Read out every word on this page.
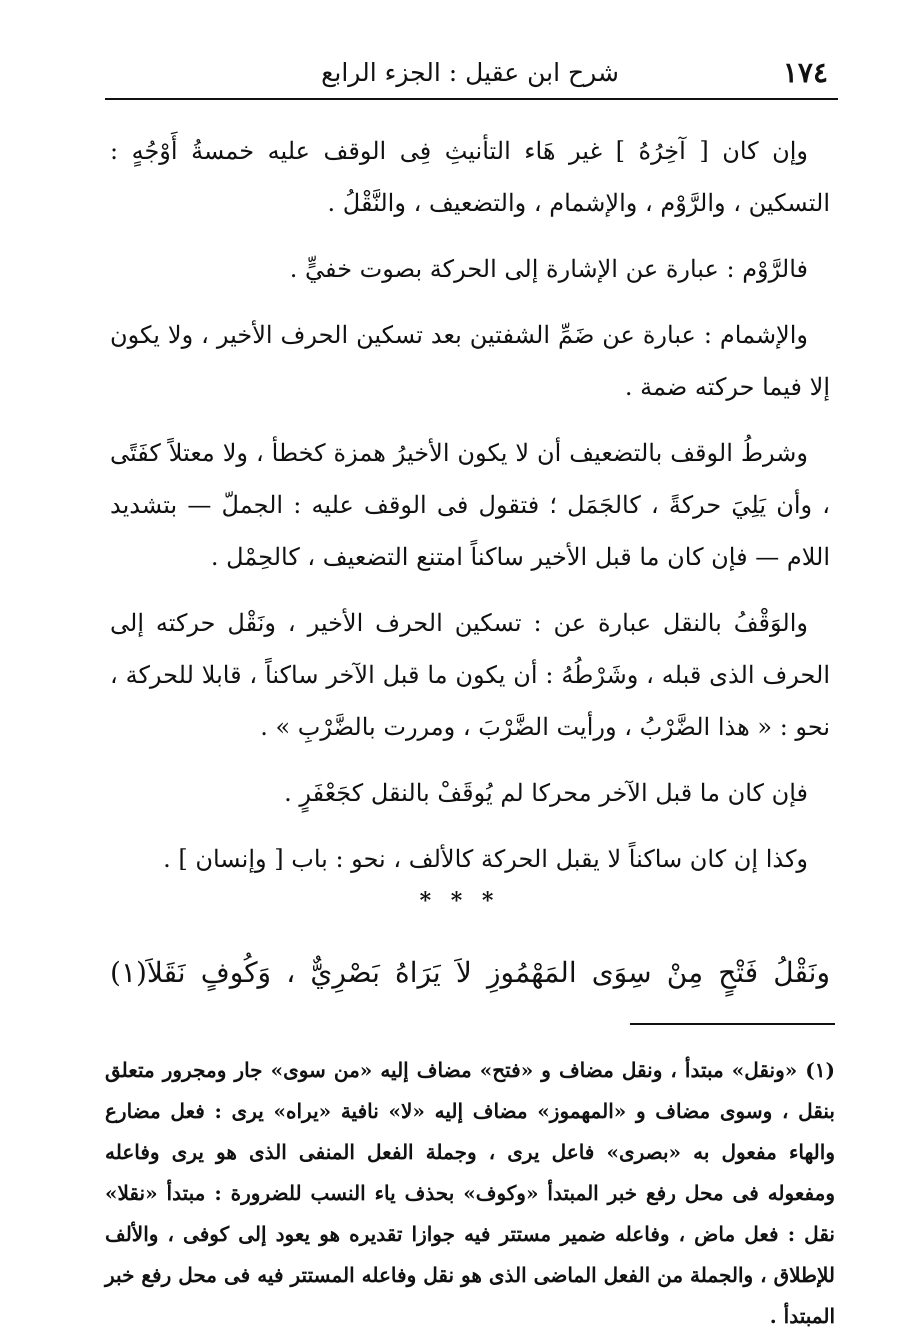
١٧٤
شرح ابن عقيل : الجزء الرابع

وإن كان [ آخِرُهُ ] غير هَاء التأنيثِ فِى الوقف عليه خمسةُ أَوْجُهٍ : التسكين ، والرَّوْم ، والإشمام ، والتضعيف ، والنَّقْلُ .

فالرَّوْم : عبارة عن الإشارة إلى الحركة بصوت خفيٍّ .

والإشمام : عبارة عن ضَمِّ الشفتين بعد تسكين الحرف الأخير ، ولا يكون إلا فيما حركته ضمة .

وشرطُ الوقف بالتضعيف أن لا يكون الأخيرُ همزة كخطأ ، ولا معتلاً كفَتًى ، وأن يَلِيَ حركةً ، كالجَمَل ؛ فتقول فى الوقف عليه : الجملّ — بتشديد اللام — فإن كان ما قبل الأخير ساكناً امتنع التضعيف ، كالحِمْل .

والوَقْفُ بالنقل عبارة عن : تسكين الحرف الأخير ، ونَقْل حركته إلى الحرف الذى قبله ، وشَرْطُهُ : أن يكون ما قبل الآخر ساكناً ، قابلا للحركة ، نحو : « هذا الضَّرْبُ ، ورأيت الضَّرْبَ ، ومررت بالضَّرْبِ » .

فإن كان ما قبل الآخر محركا لم يُوقَفْ بالنقل كجَعْفَرٍ .

وكذا إن كان ساكناً لا يقبل الحركة كالألف ، نحو : باب [ وإنسان ] .

* * *
ونَقْلُ فَتْحٍ مِنْ سِوَى المَهْمُوزِ لاَ يَرَاهُ بَصْرِيٌّ ، وَكُوفٍ نَقَلاَ(١)

(١) «ونقل» مبتدأ ، ونقل مضاف و «فتح» مضاف إليه «من سوى» جار ومجرور متعلق بنقل ، وسوى مضاف و «المهموز» مضاف إليه «لا» نافية «يراه» يرى : فعل مضارع والهاء مفعول به «بصرى» فاعل يرى ، وجملة الفعل المنفى الذى هو يرى وفاعله ومفعوله فى محل رفع خبر المبتدأ «وكوف» بحذف ياء النسب للضرورة : مبتدأ «نقلا» نقل : فعل ماض ، وفاعله ضمير مستتر فيه جوازا تقديره هو يعود إلى كوفى ، والألف للإطلاق ، والجملة من الفعل الماضى الذى هو نقل وفاعله المستتر فيه فى محل رفع خبر المبتدأ .
